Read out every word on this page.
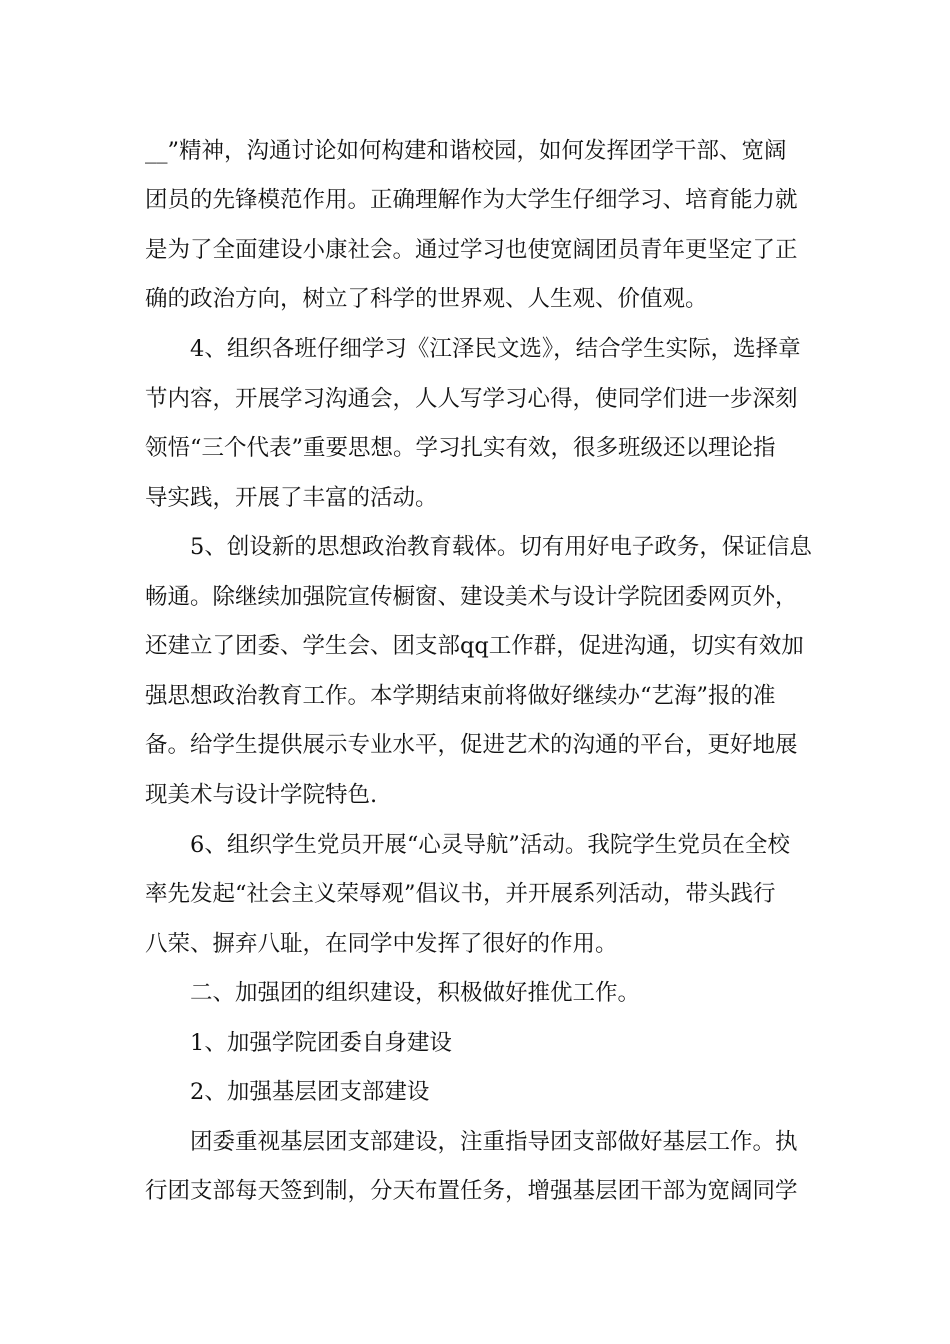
__”精神，沟通讨论如何构建和谐校园，如何发挥团学干部、宽阔

团员的先锋模范作用。正确理解作为大学生仔细学习、培育能力就

是为了全面建设小康社会。通过学习也使宽阔团员青年更坚定了正

确的政治方向，树立了科学的世界观、人生观、价值观。

4、组织各班仔细学习《江泽民文选》，结合学生实际，选择章

节内容，开展学习沟通会，人人写学习心得，使同学们进一步深刻

领悟“三个代表”重要思想。学习扎实有效，很多班级还以理论指

导实践，开展了丰富的活动。

5、创设新的思想政治教育载体。切有用好电子政务，保证信息

畅通。除继续加强院宣传橱窗、建设美术与设计学院团委网页外，

还建立了团委、学生会、团支部qq工作群，促进沟通，切实有效加

强思想政治教育工作。本学期结束前将做好继续办“艺海”报的准

备。给学生提供展示专业水平，促进艺术的沟通的平台，更好地展

现美术与设计学院特色.

6、组织学生党员开展“心灵导航”活动。我院学生党员在全校

率先发起“社会主义荣辱观”倡议书，并开展系列活动，带头践行

八荣、摒弃八耻，在同学中发挥了很好的作用。

二、加强团的组织建设，积极做好推优工作。

1、加强学院团委自身建设

2、加强基层团支部建设

团委重视基层团支部建设，注重指导团支部做好基层工作。执

行团支部每天签到制，分天布置任务，增强基层团干部为宽阔同学
